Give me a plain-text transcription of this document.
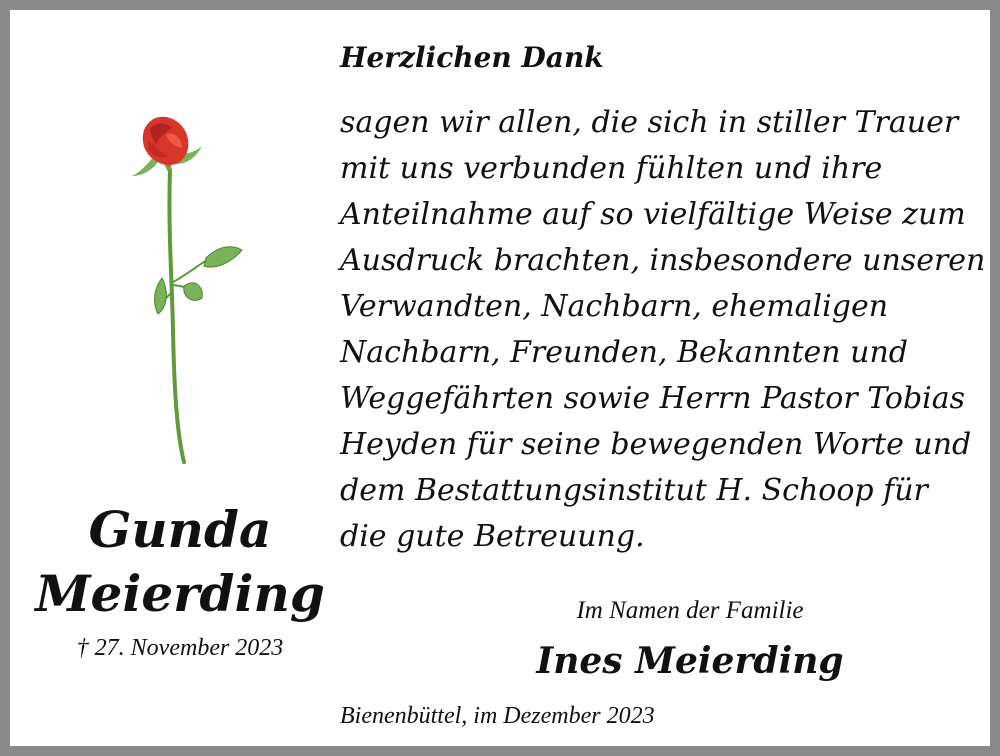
Gunda
Meierding
† 27. November 2023
Herzlichen Dank
sagen wir allen, die sich in stiller Trauer
mit uns verbunden fühlten und ihre
Anteilnahme auf so vielfältige Weise zum
Ausdruck brachten, insbesondere unseren
Verwandten, Nachbarn, ehemaligen
Nachbarn, Freunden, Bekannten und
Weggefährten sowie Herrn Pastor Tobias
Heyden für seine bewegenden Worte und
dem Bestattungsinstitut H. Schoop für
die gute Betreuung.
Im Namen der Familie
Ines Meierding
Bienenbüttel, im Dezember 2023
